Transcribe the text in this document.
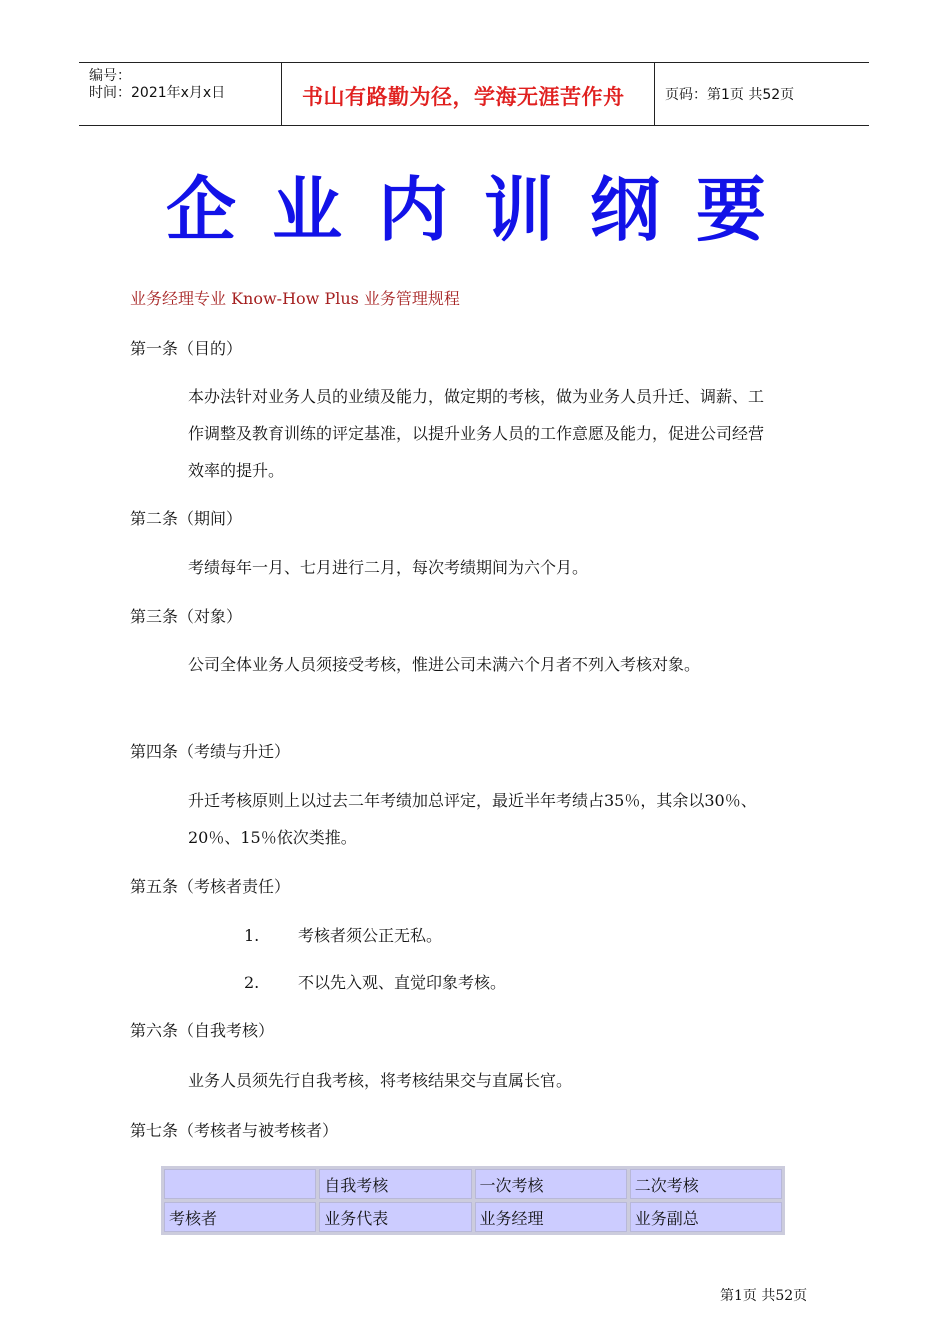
编号：
时间：2021年x月x日	书山有路勤为径，学海无涯苦作舟	页码：第1页 共52页
企业内训纲要
业务经理专业 Know-How Plus 业务管理规程
第一条（目的）
本办法针对业务人员的业绩及能力，做定期的考核，做为业务人员升迁、调薪、工作调整及教育训练的评定基准，以提升业务人员的工作意愿及能力，促进公司经营效率的提升。
第二条（期间）
考绩每年一月、七月进行二月，每次考绩期间为六个月。
第三条（对象）
公司全体业务人员须接受考核，惟进公司未满六个月者不列入考核对象。
第四条（考绩与升迁）
升迁考核原则上以过去二年考绩加总评定，最近半年考绩占35％，其余以30％、20％、15％依次类推。
第五条（考核者责任）
1. 考核者须公正无私。
2. 不以先入观、直觉印象考核。
第六条（自我考核）
业务人员须先行自我考核，将考核结果交与直属长官。
第七条（考核者与被考核者）
	自我考核	一次考核	二次考核
考核者	业务代表	业务经理	业务副总
第1页 共52页
